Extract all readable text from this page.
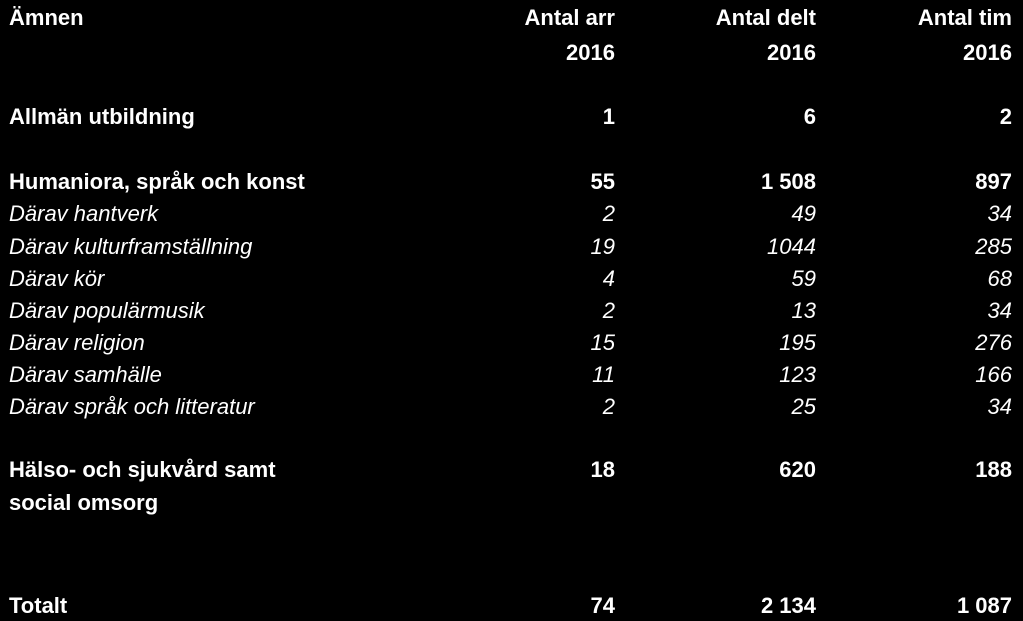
Ämnen	Antal arr	Antal delt	Antal tim
2016	2016	2016
Allmän utbildning	1	6	2
Humaniora, språk och konst	55	1 508	897
Därav hantverk	2	49	34
Därav kulturframställning	19	1044	285
Därav kör	4	59	68
Därav populärmusik	2	13	34
Därav religion	15	195	276
Därav samhälle	11	123	166
Därav språk och litteratur	2	25	34
Hälso- och sjukvård samt	18	620	188
social omsorg
Totalt	74	2 134	1 087
